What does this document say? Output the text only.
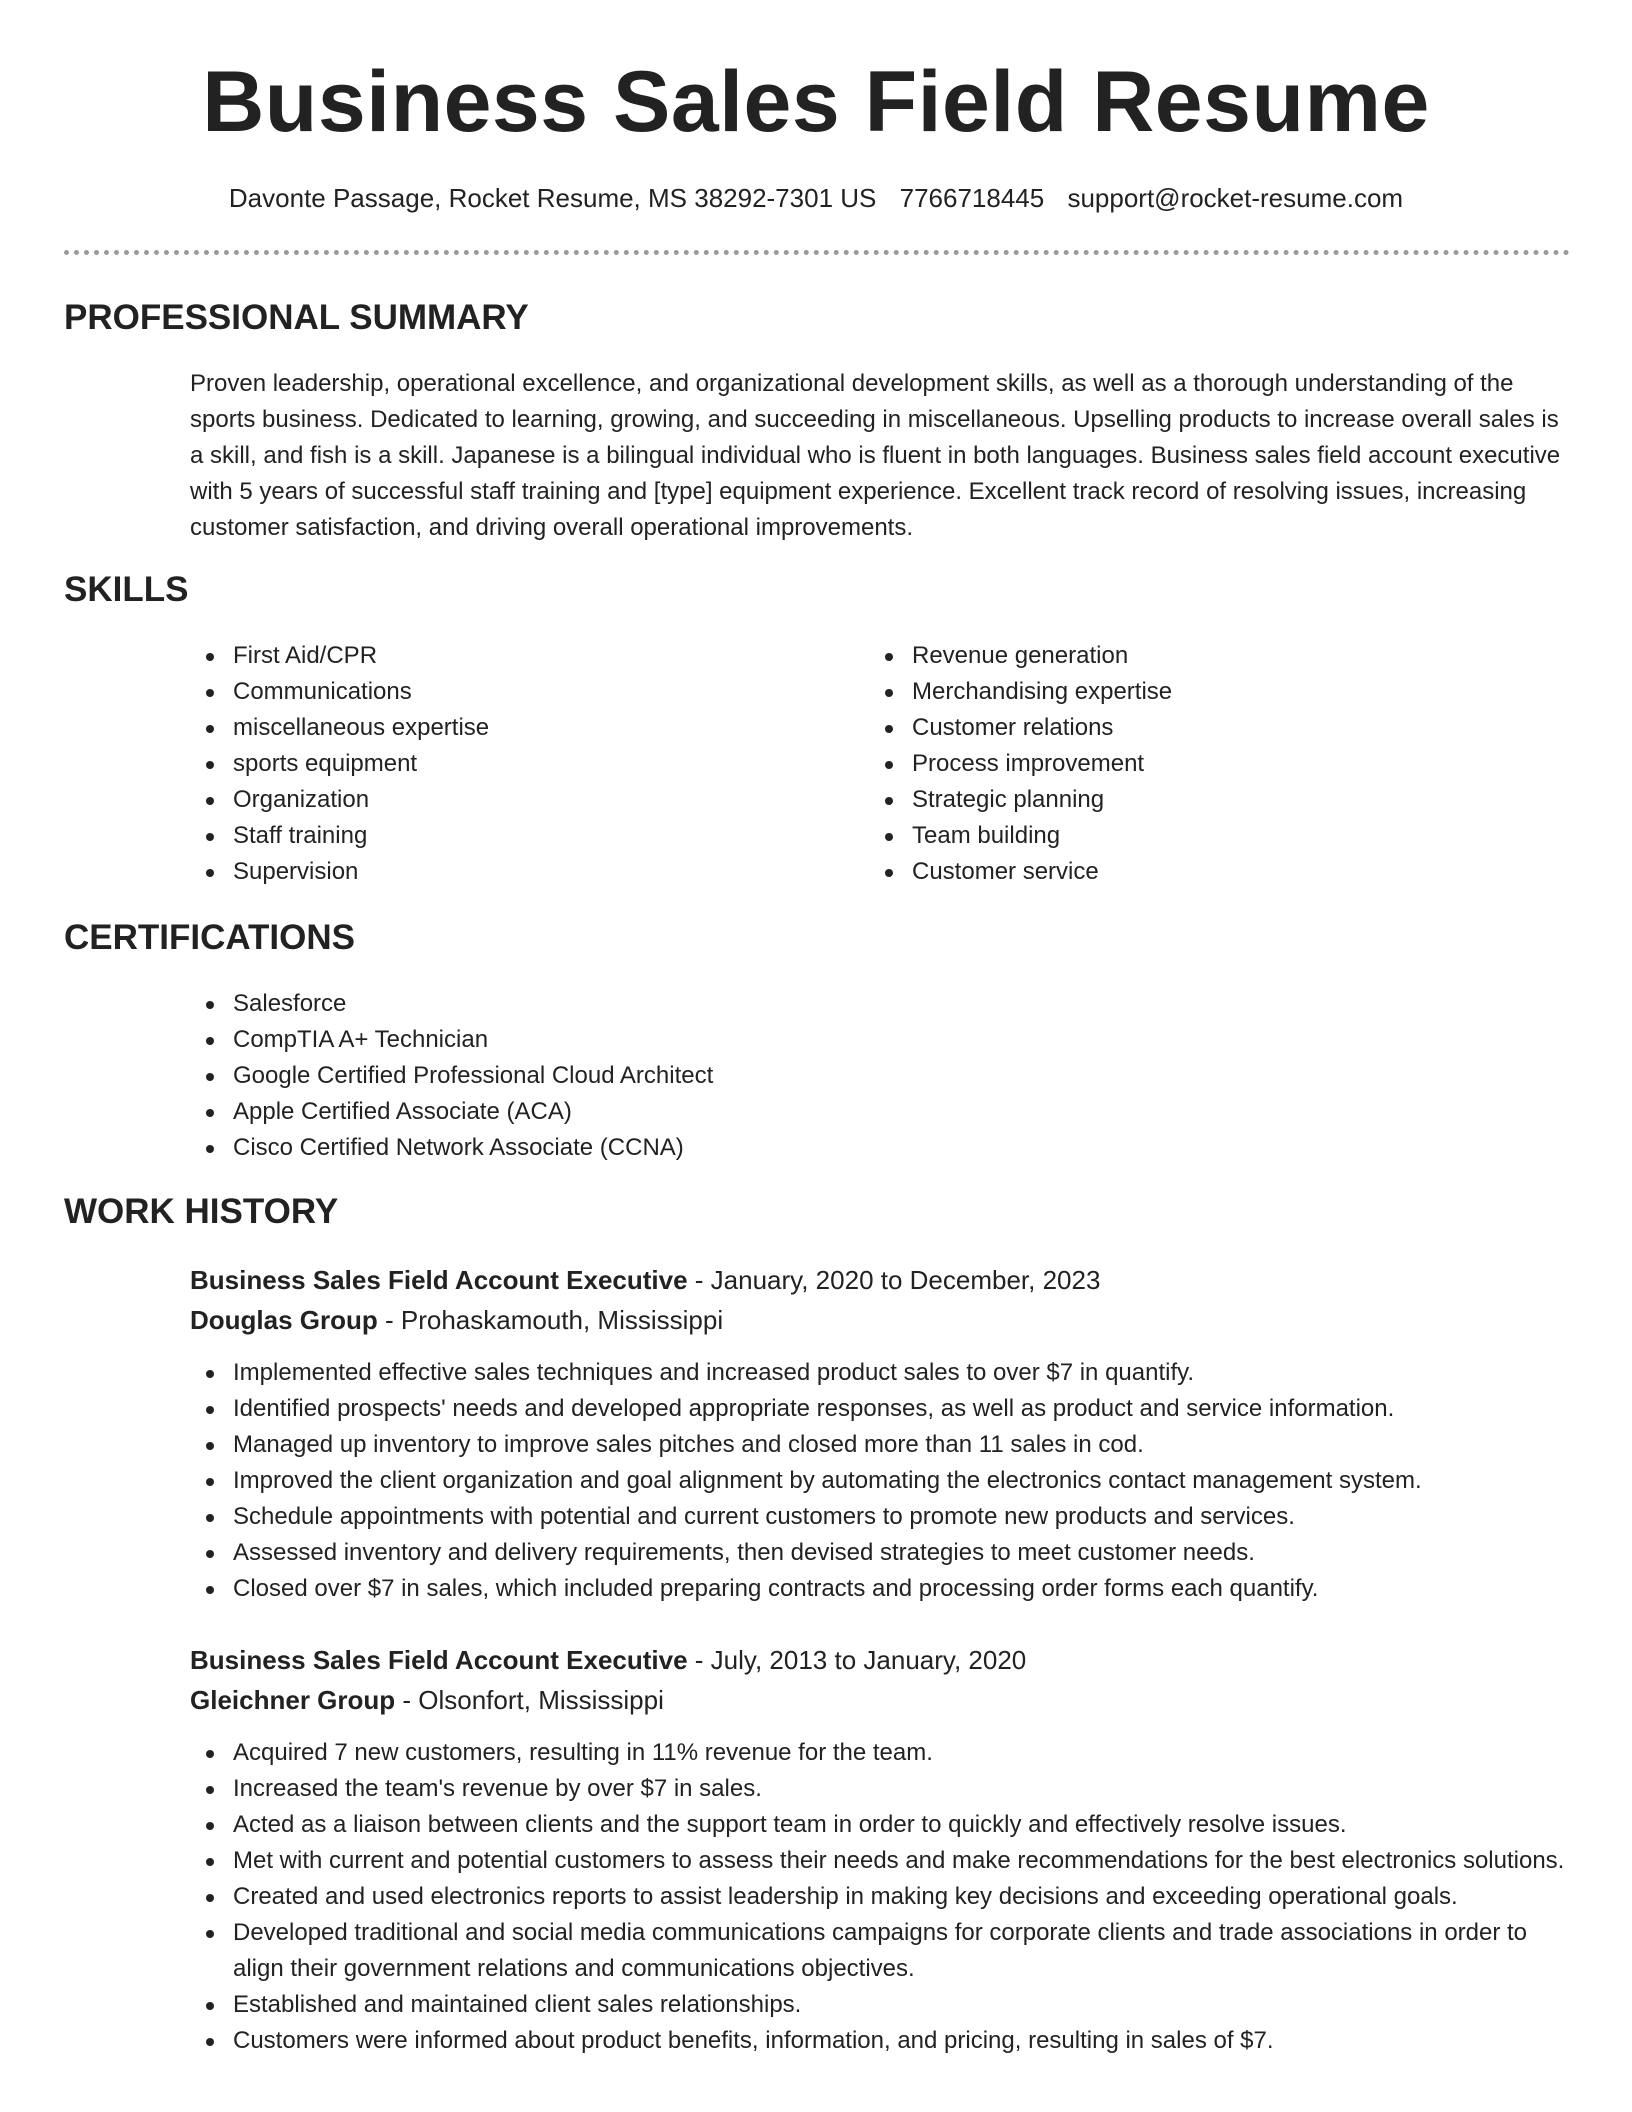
Business Sales Field Resume
Davonte Passage, Rocket Resume, MS 38292-7301 US 7766718445 support@rocket-resume.com
PROFESSIONAL SUMMARY

Proven leadership, operational excellence, and organizational development skills, as well as a thorough understanding of the sports business. Dedicated to learning, growing, and succeeding in miscellaneous. Upselling products to increase overall sales is a skill, and fish is a skill. Japanese is a bilingual individual who is fluent in both languages. Business sales field account executive with 5 years of successful staff training and [type] equipment experience. Excellent track record of resolving issues, increasing customer satisfaction, and driving overall operational improvements.

SKILLS
First Aid/CPR
Communications
miscellaneous expertise
sports equipment
Organization
Staff training
Supervision
Revenue generation
Merchandising expertise
Customer relations
Process improvement
Strategic planning
Team building
Customer service
CERTIFICATIONS
Salesforce
CompTIA A+ Technician
Google Certified Professional Cloud Architect
Apple Certified Associate (ACA)
Cisco Certified Network Associate (CCNA)
WORK HISTORY
Business Sales Field Account Executive - January, 2020 to December, 2023
Douglas Group - Prohaskamouth, Mississippi
Implemented effective sales techniques and increased product sales to over $7 in quantify.
Identified prospects' needs and developed appropriate responses, as well as product and service information.
Managed up inventory to improve sales pitches and closed more than 11 sales in cod.
Improved the client organization and goal alignment by automating the electronics contact management system.
Schedule appointments with potential and current customers to promote new products and services.
Assessed inventory and delivery requirements, then devised strategies to meet customer needs.
Closed over $7 in sales, which included preparing contracts and processing order forms each quantify.
Business Sales Field Account Executive - July, 2013 to January, 2020
Gleichner Group - Olsonfort, Mississippi
Acquired 7 new customers, resulting in 11% revenue for the team.
Increased the team's revenue by over $7 in sales.
Acted as a liaison between clients and the support team in order to quickly and effectively resolve issues.
Met with current and potential customers to assess their needs and make recommendations for the best electronics solutions.
Created and used electronics reports to assist leadership in making key decisions and exceeding operational goals.
Developed traditional and social media communications campaigns for corporate clients and trade associations in order to align their government relations and communications objectives.
Established and maintained client sales relationships.
Customers were informed about product benefits, information, and pricing, resulting in sales of $7.
